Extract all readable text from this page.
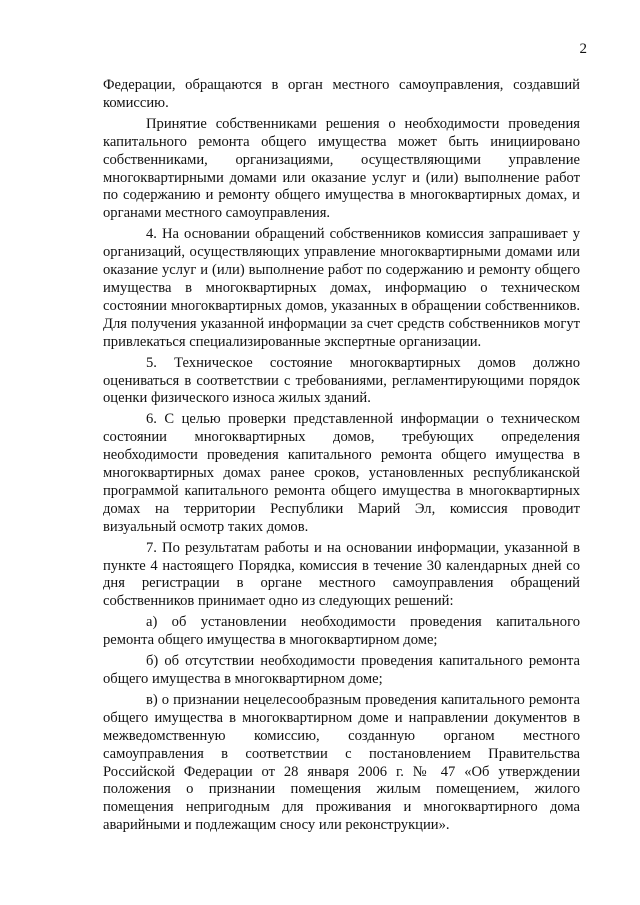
2

Федерации, обращаются в орган местного самоуправления, создавший комиссию.

Принятие собственниками решения о необходимости проведения капитального ремонта общего имущества может быть инициировано собственниками, организациями, осуществляющими управление многоквартирными домами или оказание услуг и (или) выполнение работ по содержанию и ремонту общего имущества в многоквартирных домах, и органами местного самоуправления.

4. На основании обращений собственников комиссия запрашивает у организаций, осуществляющих управление многоквартирными домами или оказание услуг и (или) выполнение работ по содержанию и ремонту общего имущества в многоквартирных домах, информацию о техническом состоянии многоквартирных домов, указанных в обращении собственников. Для получения указанной информации за счет средств собственников могут привлекаться специализированные экспертные организации.

5. Техническое состояние многоквартирных домов должно оцениваться в соответствии с требованиями, регламентирующими порядок оценки физического износа жилых зданий.

6. С целью проверки представленной информации о техническом состоянии многоквартирных домов, требующих определения необходимости проведения капитального ремонта общего имущества в многоквартирных домах ранее сроков, установленных республиканской программой капитального ремонта общего имущества в многоквартирных домах на территории Республики Марий Эл, комиссия проводит визуальный осмотр таких домов.

7. По результатам работы и на основании информации, указанной в пункте 4 настоящего Порядка, комиссия в течение 30 календарных дней со дня регистрации в органе местного самоуправления обращений собственников принимает одно из следующих решений:

а) об установлении необходимости проведения капитального ремонта общего имущества в многоквартирном доме;

б) об отсутствии необходимости проведения капитального ремонта общего имущества в многоквартирном доме;

в) о признании нецелесообразным проведения капитального ремонта общего имущества в многоквартирном доме и направлении документов в межведомственную комиссию, созданную органом местного самоуправления в соответствии с постановлением Правительства Российской Федерации от 28 января 2006 г. № 47 «Об утверждении положения о признании помещения жилым помещением, жилого помещения непригодным для проживания и многоквартирного дома аварийными и подлежащим сносу или реконструкции».
